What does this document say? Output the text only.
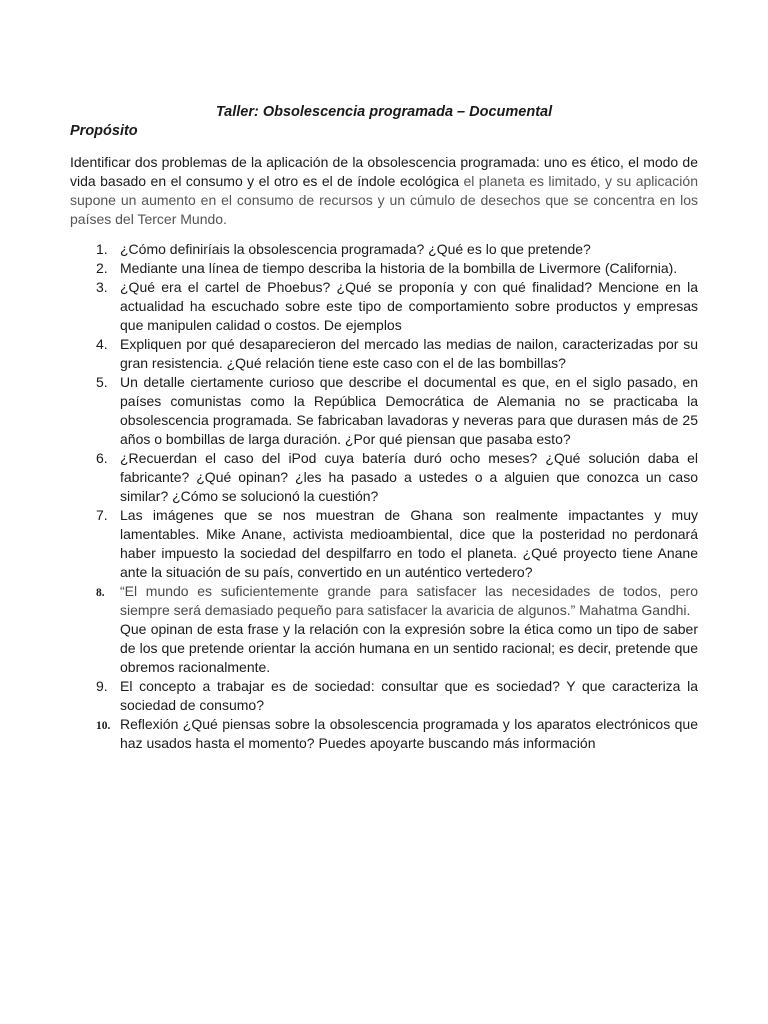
Taller: Obsolescencia programada – Documental
Propósito

Identificar dos problemas de la aplicación de la obsolescencia programada: uno es ético, el modo de vida basado en el consumo y el otro es el de índole ecológica el planeta es limitado, y su aplicación supone un aumento en el consumo de recursos y un cúmulo de desechos que se concentra en los países del Tercer Mundo.

1. ¿Cómo definiríais la obsolescencia programada? ¿Qué es lo que pretende?
2. Mediante una línea de tiempo describa la historia de la bombilla de Livermore (California).
3. ¿Qué era el cartel de Phoebus? ¿Qué se proponía y con qué finalidad? Mencione en la actualidad ha escuchado sobre este tipo de comportamiento sobre productos y empresas que manipulen calidad o costos. De ejemplos
4. Expliquen por qué desaparecieron del mercado las medias de nailon, caracterizadas por su gran resistencia. ¿Qué relación tiene este caso con el de las bombillas?
5. Un detalle ciertamente curioso que describe el documental es que, en el siglo pasado, en países comunistas como la República Democrática de Alemania no se practicaba la obsolescencia programada. Se fabricaban lavadoras y neveras para que durasen más de 25 años o bombillas de larga duración. ¿Por qué piensan que pasaba esto?
6. ¿Recuerdan el caso del iPod cuya batería duró ocho meses? ¿Qué solución daba el fabricante? ¿Qué opinan? ¿les ha pasado a ustedes o a alguien que conozca un caso similar? ¿Cómo se solucionó la cuestión?
7. Las imágenes que se nos muestran de Ghana son realmente impactantes y muy lamentables. Mike Anane, activista medioambiental, dice que la posteridad no perdonará haber impuesto la sociedad del despilfarro en todo el planeta. ¿Qué proyecto tiene Anane ante la situación de su país, convertido en un auténtico vertedero?
8.	“El mundo es suficientemente grande para satisfacer las necesidades de todos, pero siempre será demasiado pequeño para satisfacer la avaricia de algunos.” Mahatma Gandhi.

Que opinan de esta frase y la relación con la expresión sobre la ética como un tipo de saber de los que pretende orientar la acción humana en un sentido racional; es decir, pretende que obremos racionalmente.

9. El concepto a trabajar es de sociedad: consultar que es sociedad? Y que caracteriza la sociedad de consumo?
10. Reflexión ¿Qué piensas sobre la obsolescencia programada y los aparatos electrónicos que haz usados hasta el momento? Puedes apoyarte buscando más información
